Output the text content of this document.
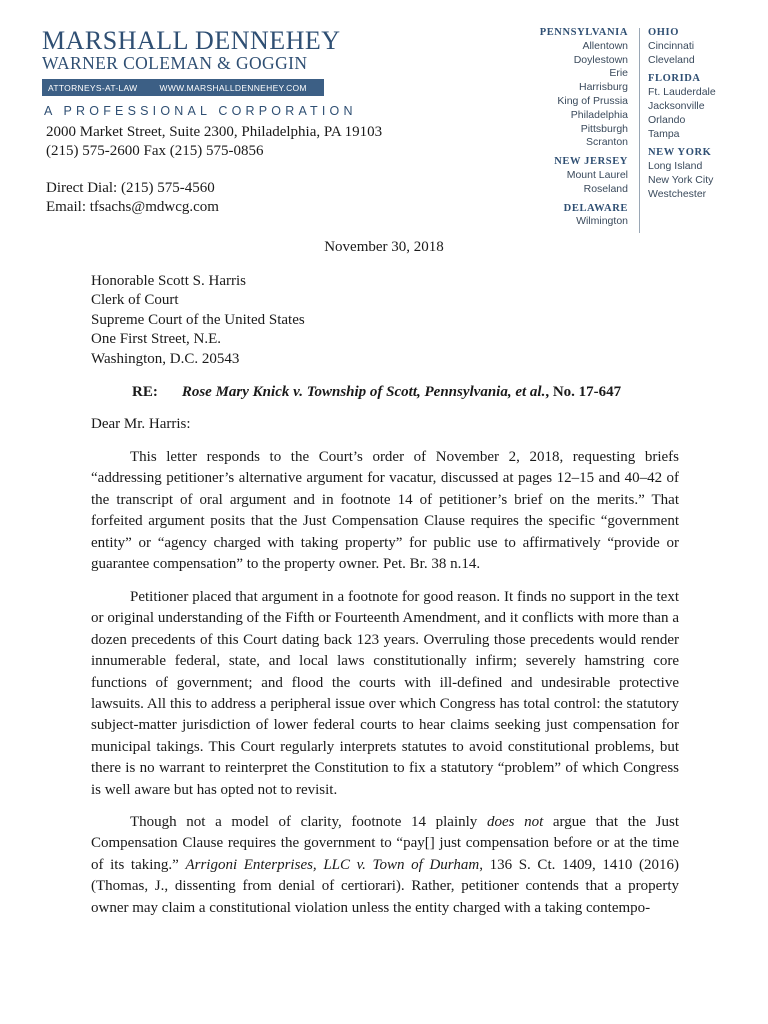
MARSHALL DENNEHEY
WARNER COLEMAN & GOGGIN
ATTORNEYS-AT-LAW	WWW.MARSHALLDENNEHEY.COM
A PROFESSIONAL CORPORATION
2000 Market Street, Suite 2300, Philadelphia, PA 19103
(215) 575-2600 Fax (215) 575-0856
Direct Dial: (215) 575-4560
Email: tfsachs@mdwcg.com
PENNSYLVANIA
Allentown
Doylestown
Erie
Harrisburg
King of Prussia
Philadelphia
Pittsburgh
Scranton
NEW JERSEY
Mount Laurel
Roseland
DELAWARE
Wilmington
OHIO
Cincinnati
Cleveland
FLORIDA
Ft. Lauderdale
Jacksonville
Orlando
Tampa
NEW YORK
Long Island
New York City
Westchester
November 30, 2018
Honorable Scott S. Harris
Clerk of Court
Supreme Court of the United States
One First Street, N.E.
Washington, D.C. 20543
RE: Rose Mary Knick v. Township of Scott, Pennsylvania, et al., No. 17-647
Dear Mr. Harris:
This letter responds to the Court’s order of November 2, 2018, requesting briefs “addressing petitioner’s alternative argument for vacatur, discussed at pages 12–15 and 40–42 of the transcript of oral argument and in footnote 14 of petitioner’s brief on the merits.” That forfeited argument posits that the Just Compensation Clause requires the specific “government entity” or “agency charged with taking property” for public use to affirmatively “provide or guarantee compensation” to the property owner. Pet. Br. 38 n.14.
Petitioner placed that argument in a footnote for good reason. It finds no support in the text or original understanding of the Fifth or Fourteenth Amendment, and it conflicts with more than a dozen precedents of this Court dating back 123 years. Overruling those precedents would render innumerable federal, state, and local laws constitutionally infirm; severely hamstring core functions of government; and flood the courts with ill-defined and undesirable protective lawsuits. All this to address a peripheral issue over which Congress has total control: the statutory subject-matter jurisdiction of lower federal courts to hear claims seeking just compensation for municipal takings. This Court regularly interprets statutes to avoid constitutional problems, but there is no warrant to reinterpret the Constitution to fix a statutory “problem” of which Congress is well aware but has opted not to revisit.
Though not a model of clarity, footnote 14 plainly does not argue that the Just Compensation Clause requires the government to “pay[] just compensation before or at the time of its taking.” Arrigoni Enterprises, LLC v. Town of Durham, 136 S. Ct. 1409, 1410 (2016) (Thomas, J., dissenting from denial of certiorari). Rather, petitioner contends that a property owner may claim a constitutional violation unless the entity charged with a taking contempo-
